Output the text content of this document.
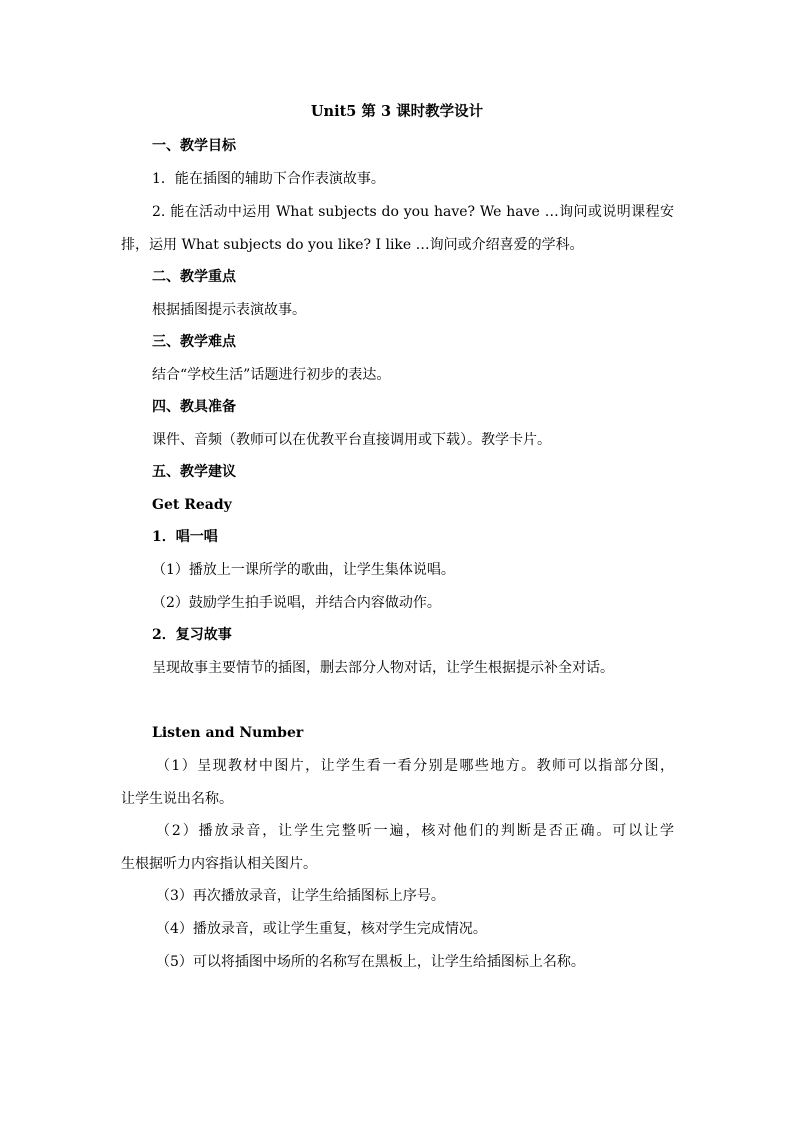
Unit5 第 3 课时教学设计
一、教学目标
1．能在插图的辅助下合作表演故事。
2. 能在活动中运用 What subjects do you have? We have …询问或说明课程安
排，运用 What subjects do you like? I like …询问或介绍喜爱的学科。
二、教学重点
根据插图提示表演故事。
三、教学难点
结合“学校生活”话题进行初步的表达。
四、教具准备
课件、音频（教师可以在优教平台直接调用或下载）。教学卡片。
五、教学建议
Get Ready
1．唱一唱
（1）播放上一课所学的歌曲，让学生集体说唱。
（2）鼓励学生拍手说唱，并结合内容做动作。
2．复习故事
呈现故事主要情节的插图，删去部分人物对话，让学生根据提示补全对话。
Listen and Number
（1）呈现教材中图片，让学生看一看分别是哪些地方。教师可以指部分图，
让学生说出名称。
（2）播放录音，让学生完整听一遍，核对他们的判断是否正确。可以让学
生根据听力内容指认相关图片。
（3）再次播放录音，让学生给插图标上序号。
（4）播放录音，或让学生重复，核对学生完成情况。
（5）可以将插图中场所的名称写在黑板上，让学生给插图标上名称。
